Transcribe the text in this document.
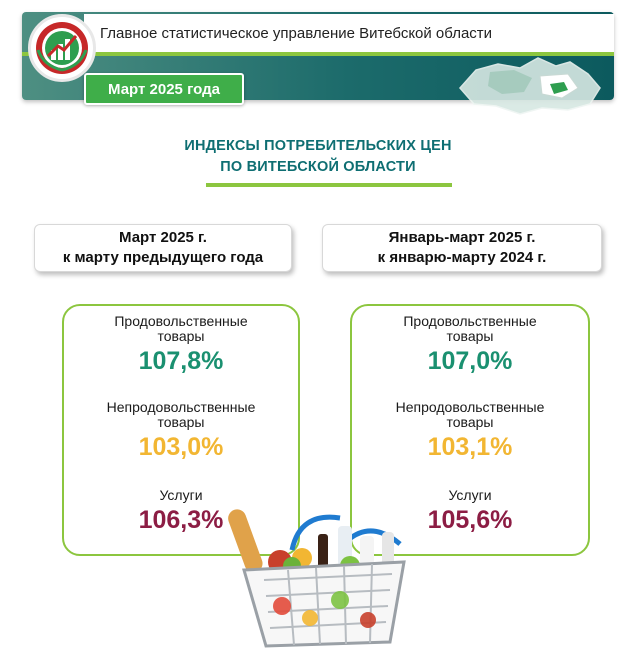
Главное статистическое управление Витебской области
Март 2025 года
ИНДЕКСЫ ПОТРЕБИТЕЛЬСКИХ ЦЕН
ПО ВИТЕБСКОЙ ОБЛАСТИ
Март 2025 г.
к марту предыдущего года
Январь-март 2025 г.
к январю-марту 2024 г.
Продовольственные
товары
107,8%
Непродовольственные
товары
103,0%
Услуги
106,3%
Продовольственные
товары
107,0%
Непродовольственные
товары
103,1%
Услуги
105,6%
